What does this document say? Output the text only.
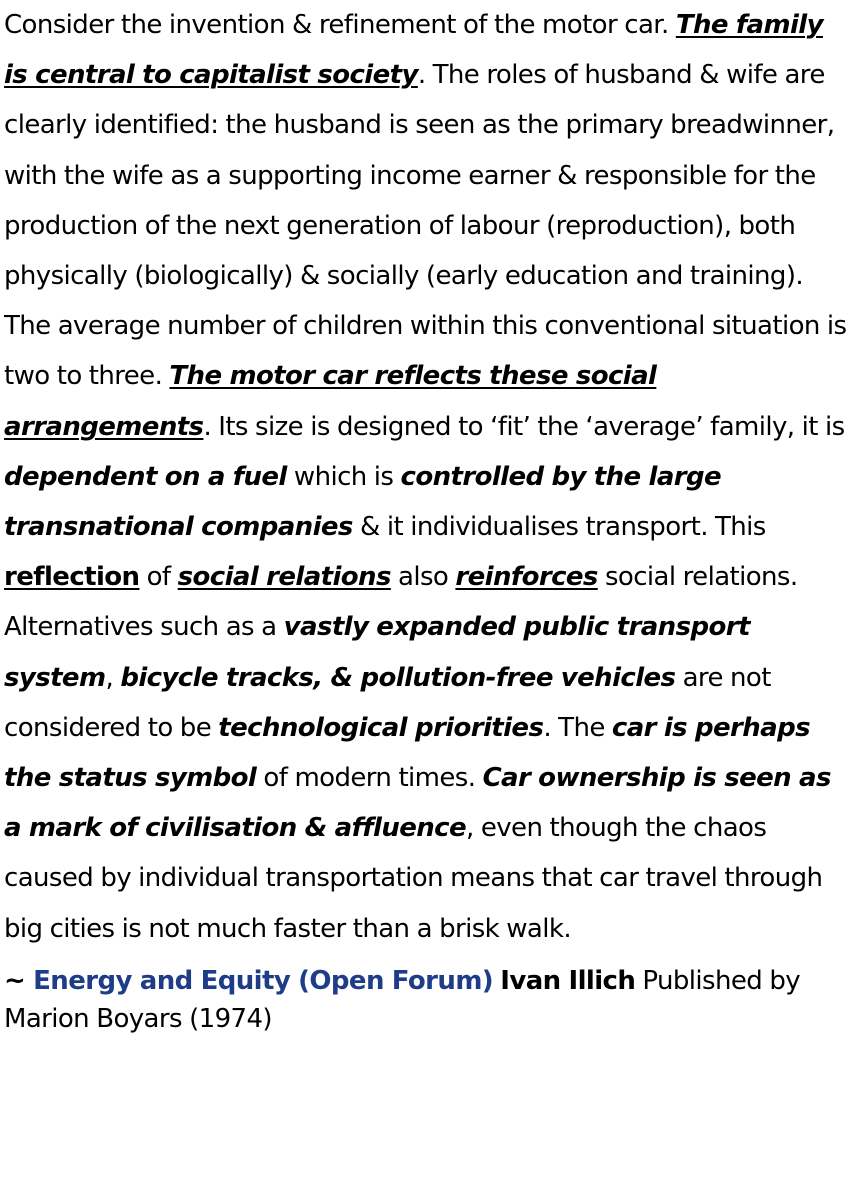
Consider the invention & refinement of the motor car. The family is central to capitalist society. The roles of husband & wife are clearly identified: the husband is seen as the primary breadwinner, with the wife as a supporting income earner & responsible for the production of the next generation of labour (reproduction), both physically (biologically) & socially (early education and training). The average number of children within this conventional situation is two to three. The motor car reflects these social arrangements. Its size is designed to ‘fit’ the ‘average’ family, it is dependent on a fuel which is controlled by the large transnational companies & it individualises transport. This reflection of social relations also reinforces social relations. Alternatives such as a vastly expanded public transport system, bicycle tracks, & pollution-free vehicles are not considered to be technological priorities. The car is perhaps the status symbol of modern times. Car ownership is seen as a mark of civilisation & affluence, even though the chaos caused by individual transportation means that car travel through big cities is not much faster than a brisk walk.

~ Energy and Equity (Open Forum) Ivan Illich Published by Marion Boyars (1974)
